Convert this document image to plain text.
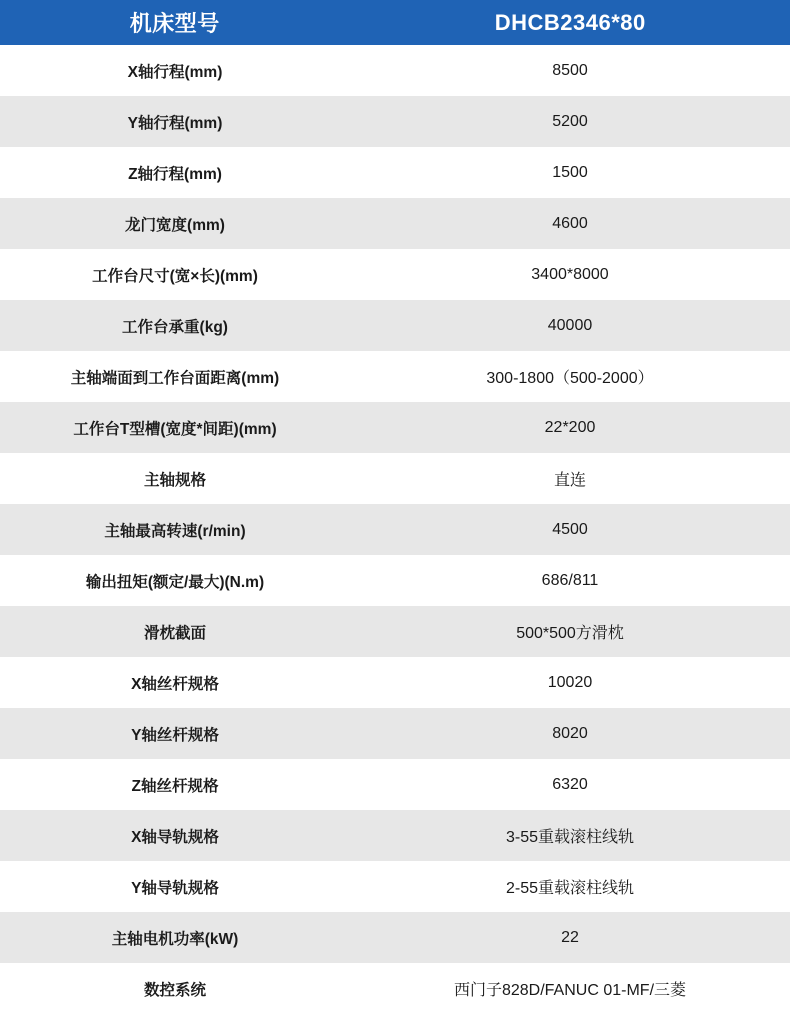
机床型号	DHCB2346*80
X轴行程(mm)	8500
Y轴行程(mm)	5200
Z轴行程(mm)	1500
龙门宽度(mm)	4600
工作台尺寸(宽×长)(mm)	3400*8000
工作台承重(kg)	40000
主轴端面到工作台面距离(mm)	300-1800（500-2000）
工作台T型槽(宽度*间距)(mm)	22*200
主轴规格	直连
主轴最高转速(r/min)	4500
输出扭矩(额定/最大)(N.m)	686/811
滑枕截面	500*500方滑枕
X轴丝杆规格	10020
Y轴丝杆规格	8020
Z轴丝杆规格	6320
X轴导轨规格	3-55重载滚柱线轨
Y轴导轨规格	2-55重载滚柱线轨
主轴电机功率(kW)	22
数控系统	西门子828D/FANUC 01-MF/三菱
